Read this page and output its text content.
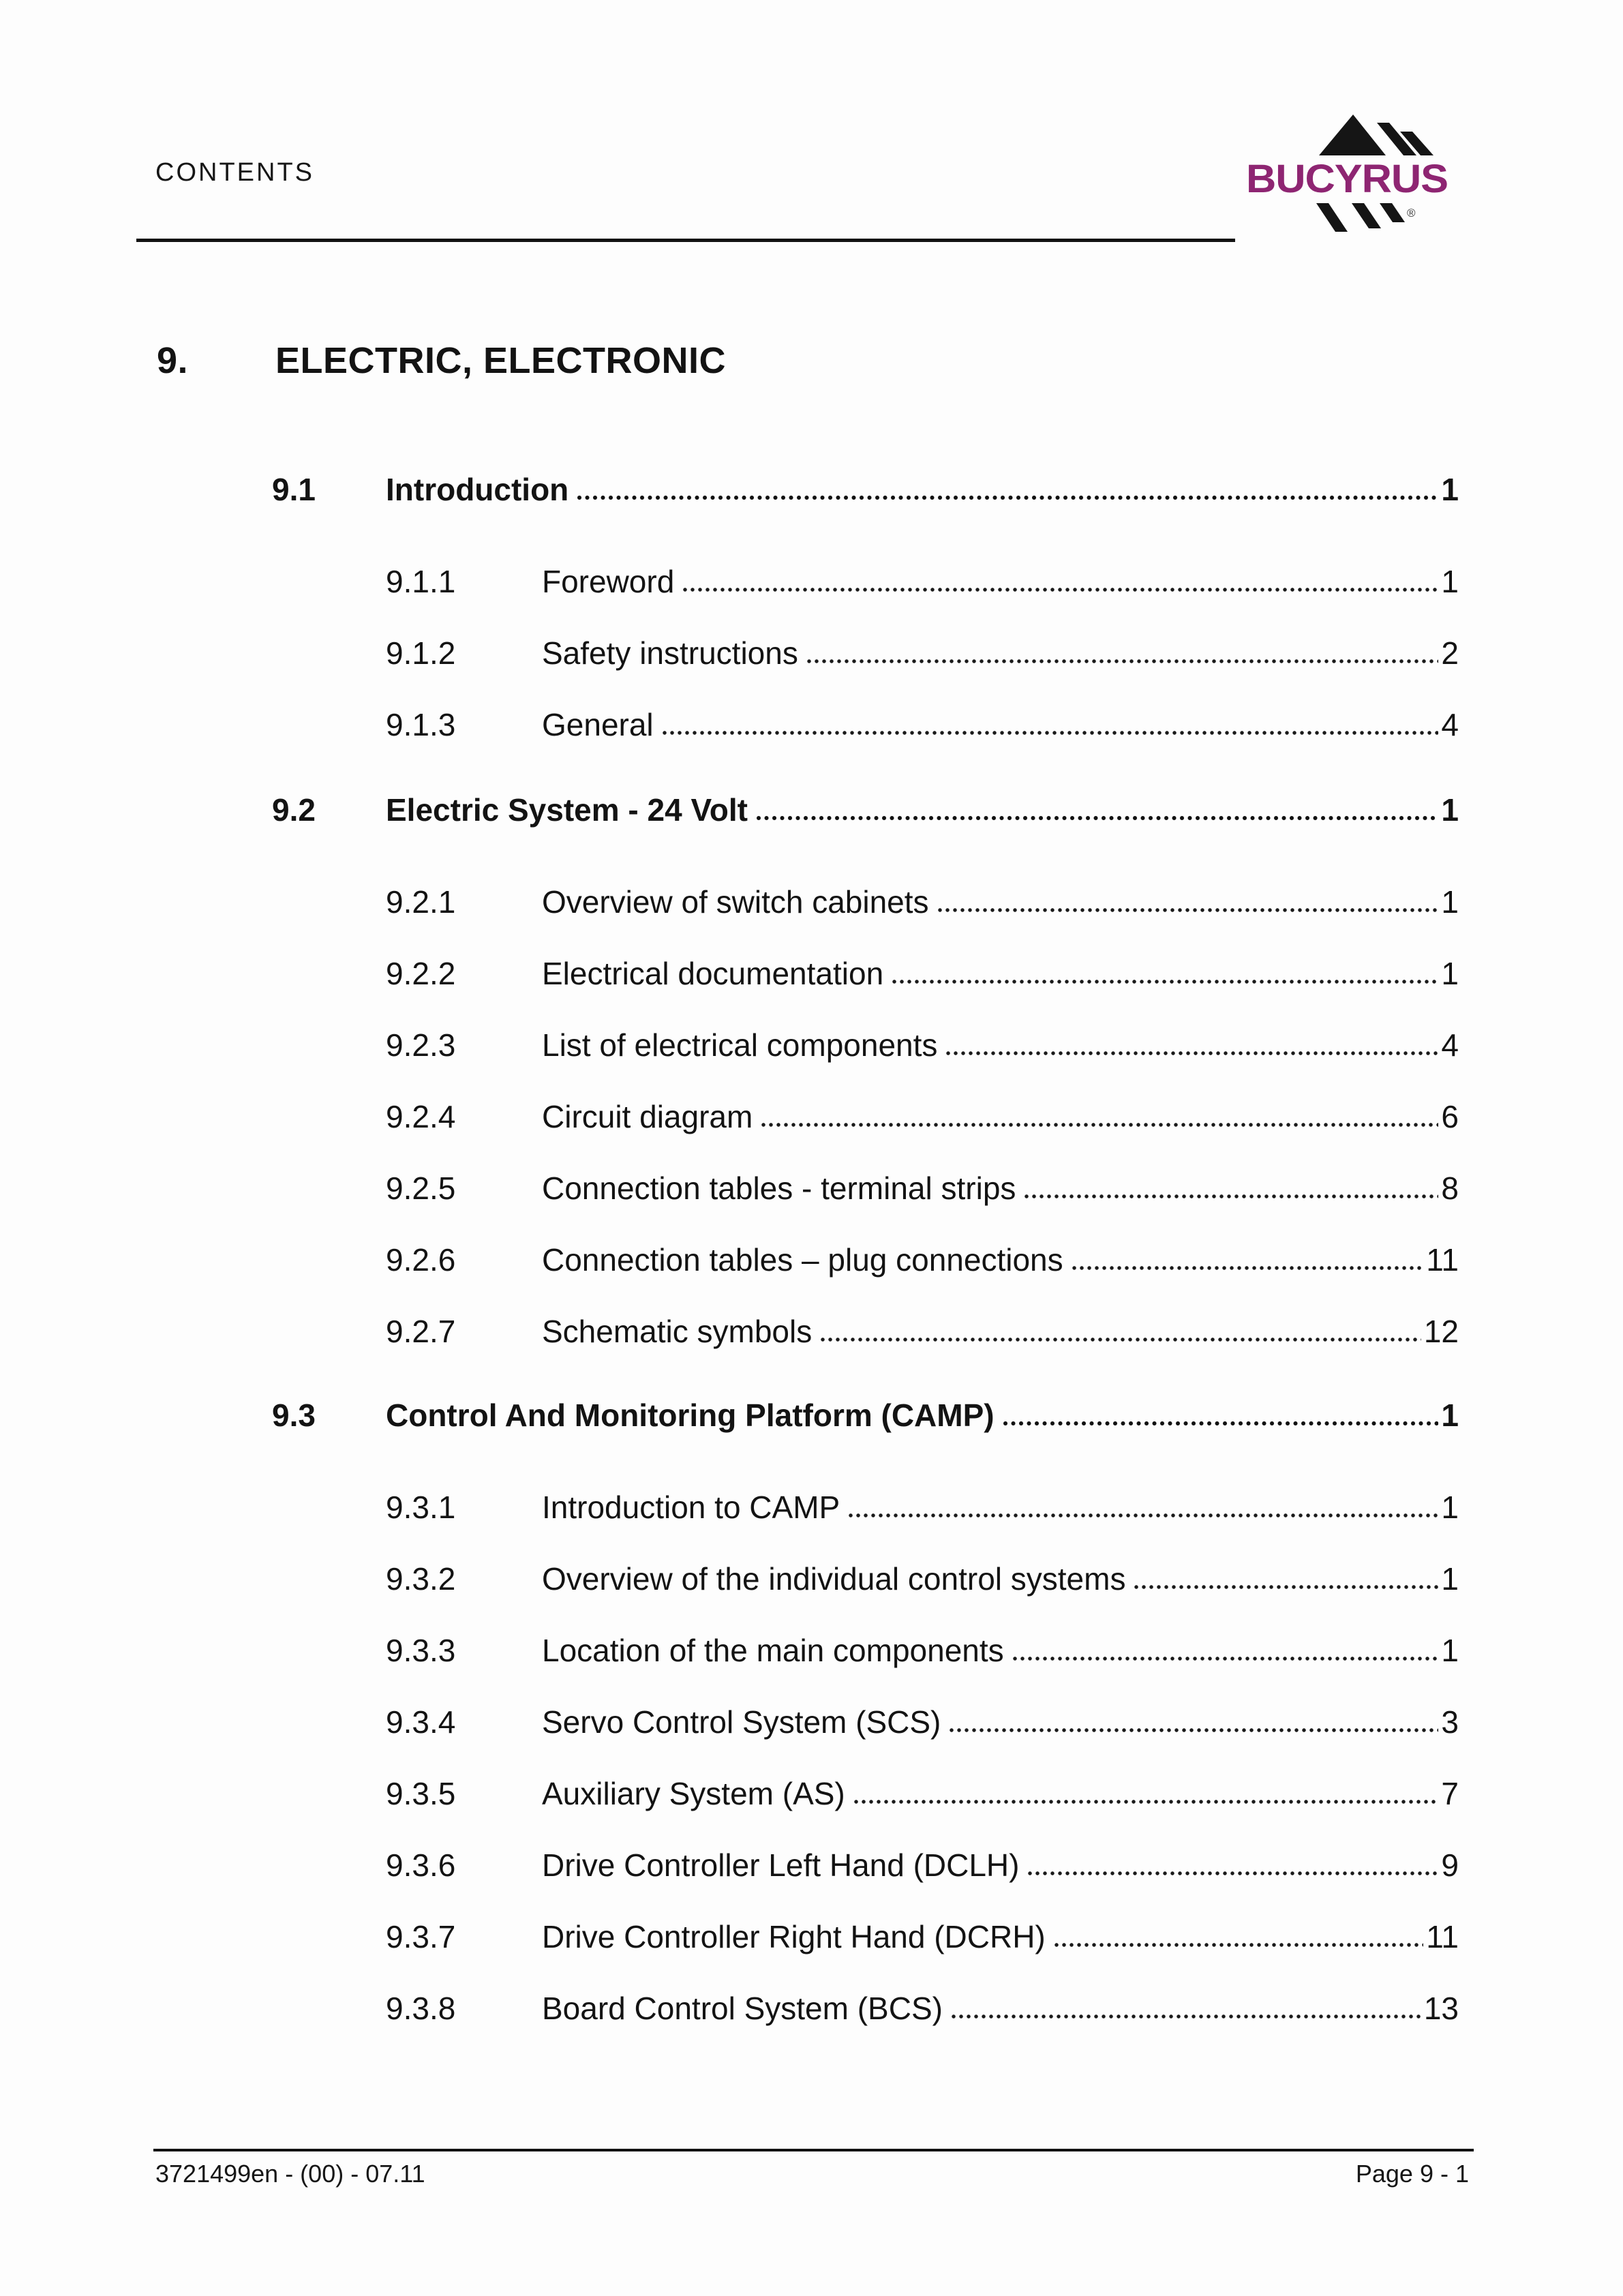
CONTENTS	BUCYRUS
®
9.	ELECTRIC, ELECTRONIC
9.1	Introduction	1
9.1.1	Foreword	1
9.1.2	Safety instructions	2
9.1.3	General	4
9.2	Electric System - 24 Volt	1
9.2.1	Overview of switch cabinets	1
9.2.2	Electrical documentation	1
9.2.3	List of electrical components	4
9.2.4	Circuit diagram	6
9.2.5	Connection tables - terminal strips	8
9.2.6	Connection tables – plug connections	11
9.2.7	Schematic symbols	12
9.3	Control And Monitoring Platform (CAMP)	1
9.3.1	Introduction to CAMP	1
9.3.2	Overview of the individual control systems	1
9.3.3	Location of the main components	1
9.3.4	Servo Control System (SCS)	3
9.3.5	Auxiliary System (AS)	7
9.3.6	Drive Controller Left Hand (DCLH)	9
9.3.7	Drive Controller Right Hand (DCRH)	11
9.3.8	Board Control System (BCS)	13
3721499en - (00) - 07.11	Page 9 - 1
